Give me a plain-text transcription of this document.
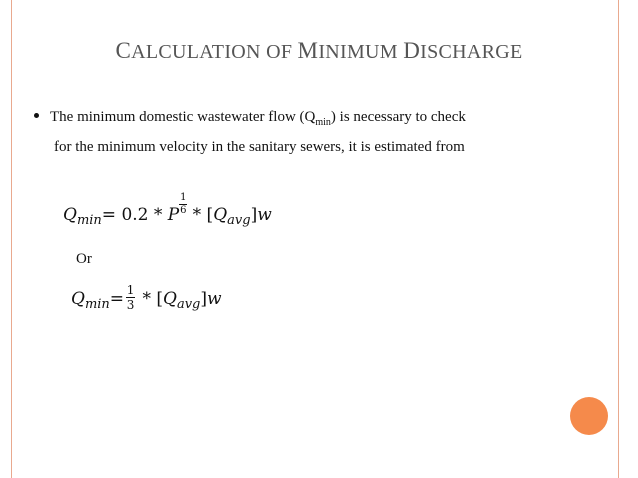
CALCULATION OF MINIMUM DISCHARGE
The minimum domestic wastewater flow $(Q_{min})$ is necessary to check
for the minimum velocity in the sanitary sewers, it is estimated from
$Q_{min}= 0.2 * P \frac{1}{6} * [Q_{avg}]w$
Or
$Q_{min}= \frac{1}{3} * [Q_{avg}]w$
